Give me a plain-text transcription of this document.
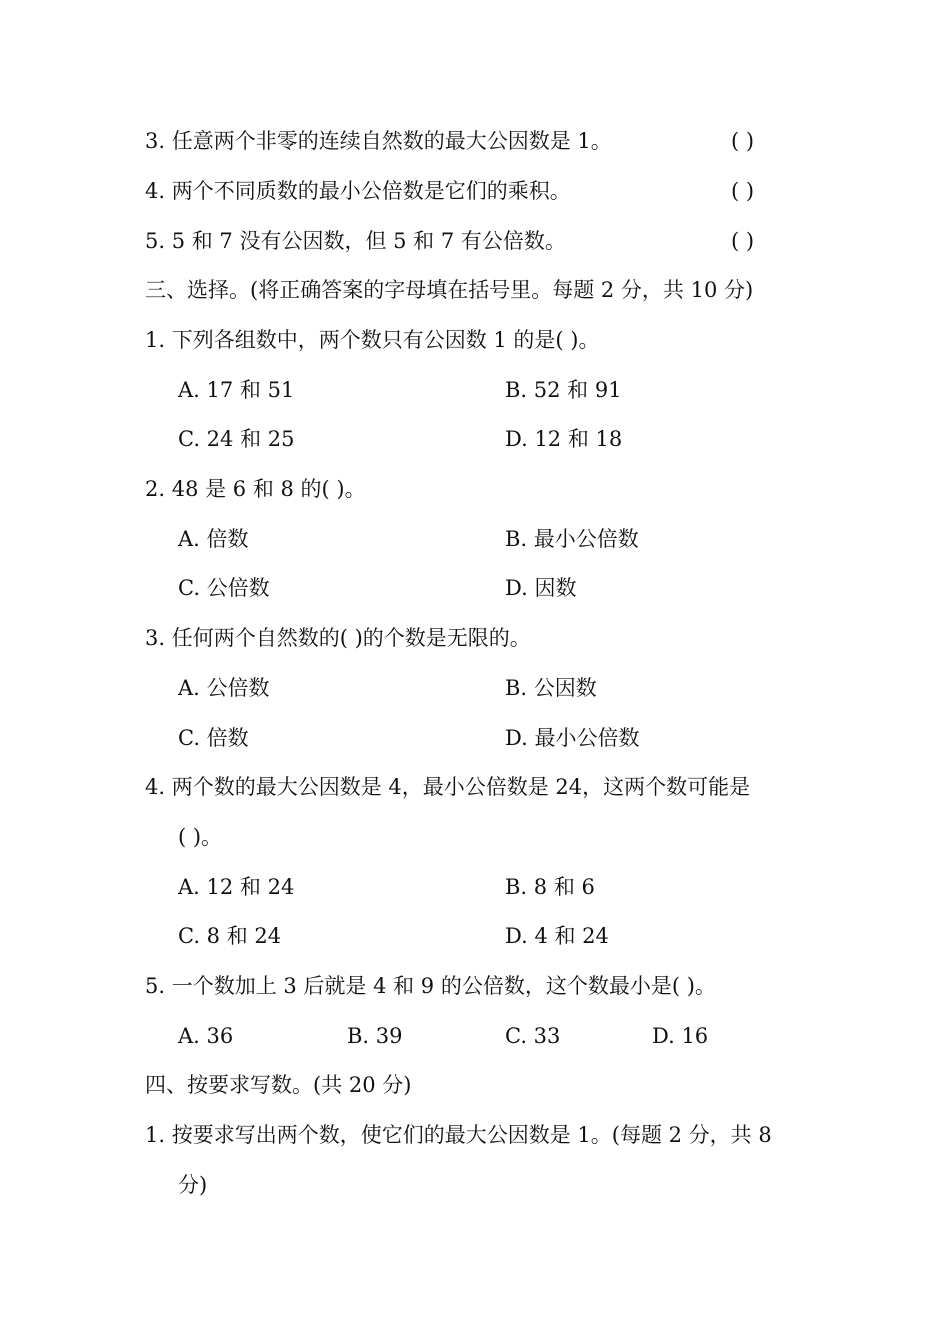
3. 任意两个非零的连续自然数的最大公因数是 1。	( )
4. 两个不同质数的最小公倍数是它们的乘积。	( )
5. 5 和 7 没有公因数，但 5 和 7 有公倍数。	( )
三、选择。(将正确答案的字母填在括号里。每题 2 分，共 10 分)
1. 下列各组数中，两个数只有公因数 1 的是( )。
A. 17 和 51	B. 52 和 91
C. 24 和 25	D. 12 和 18
2. 48 是 6 和 8 的( )。
A. 倍数	B. 最小公倍数
C. 公倍数	D. 因数
3. 任何两个自然数的( )的个数是无限的。
A. 公倍数	B. 公因数
C. 倍数	D. 最小公倍数
4. 两个数的最大公因数是 4，最小公倍数是 24，这两个数可能是
( )。
A. 12 和 24	B. 8 和 6
C. 8 和 24	D. 4 和 24
5. 一个数加上 3 后就是 4 和 9 的公倍数，这个数最小是( )。
A. 36	B. 39	C. 33	D. 16
四、按要求写数。(共 20 分)
1. 按要求写出两个数，使它们的最大公因数是 1。(每题 2 分，共 8
分)
